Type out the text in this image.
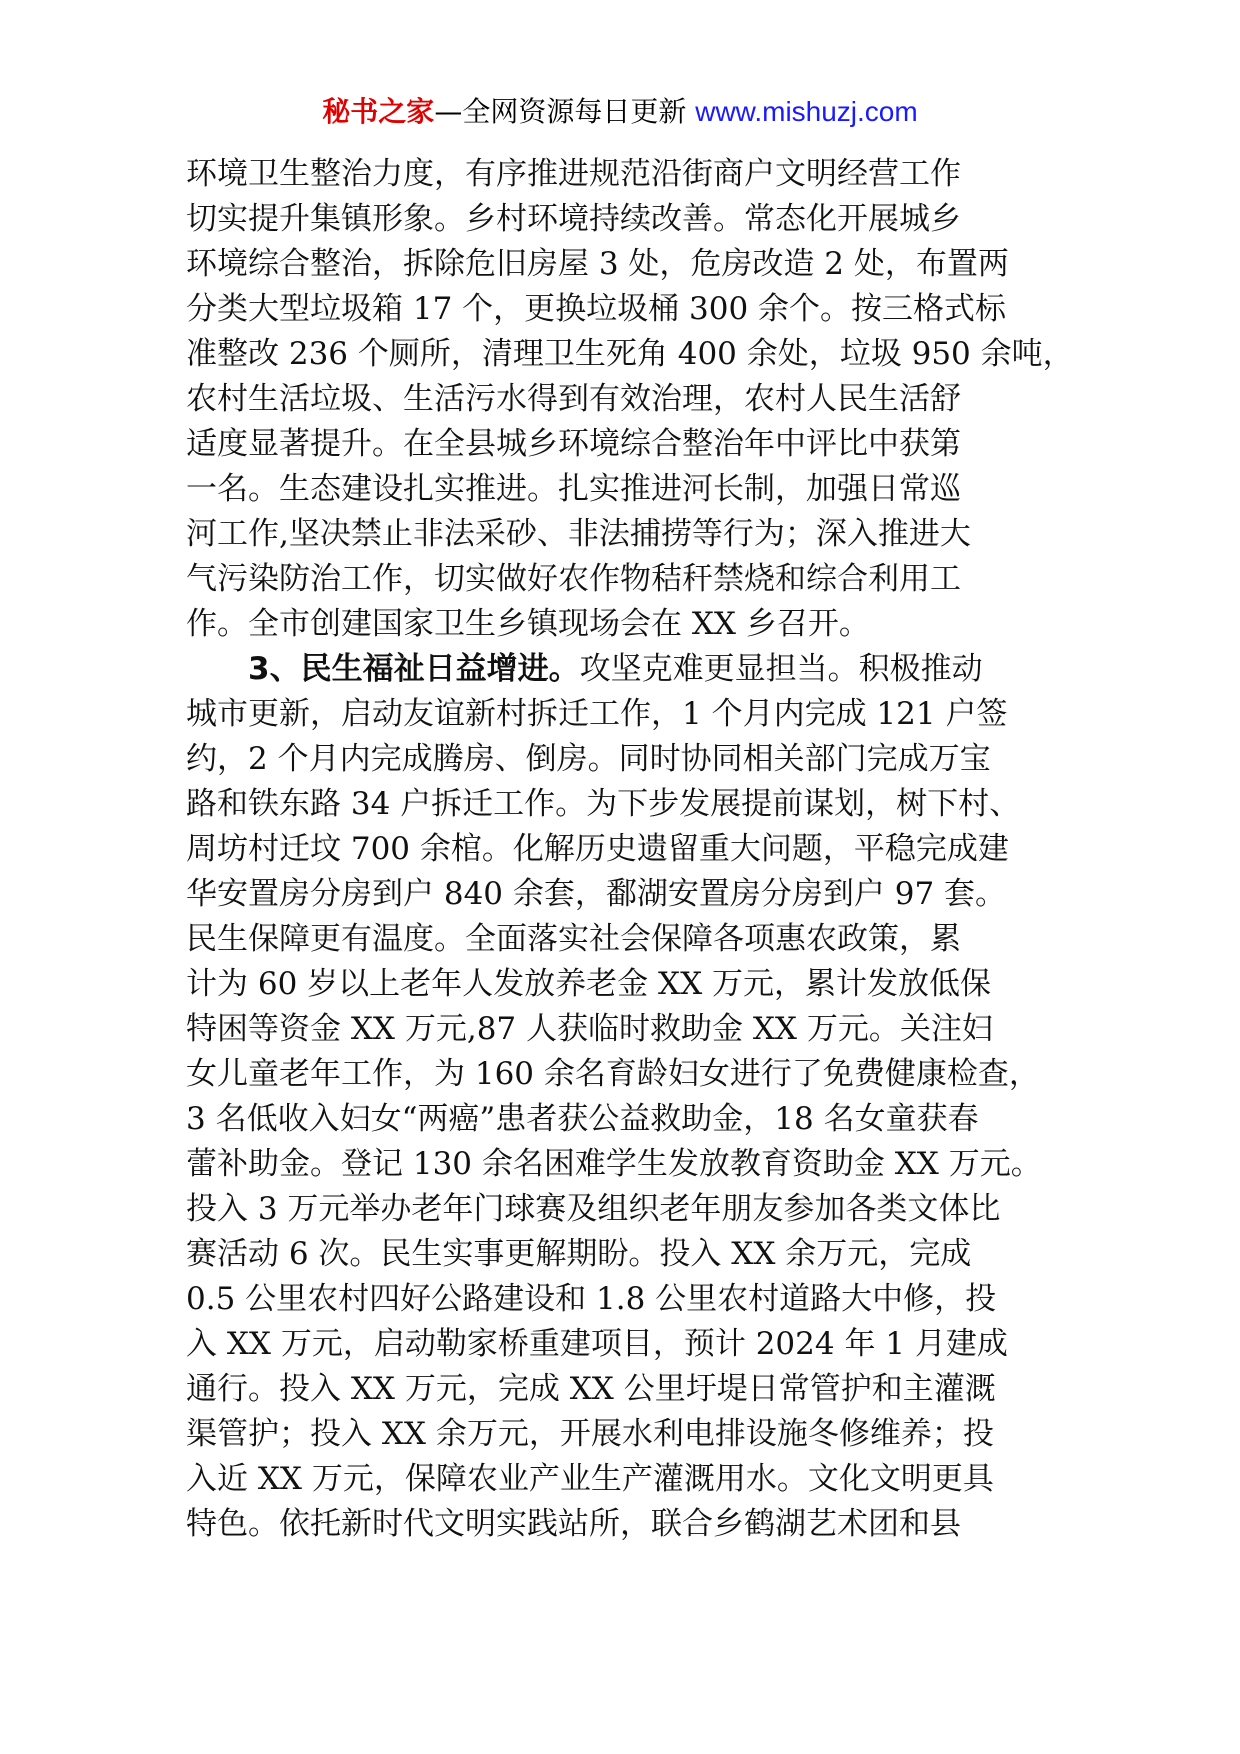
秘书之家—全网资源每日更新 www.mishuzj.com
环境卫生整治力度，有序推进规范沿街商户文明经营工作
切实提升集镇形象。乡村环境持续改善。常态化开展城乡
环境综合整治，拆除危旧房屋 3 处，危房改造 2 处，布置两
分类大型垃圾箱 17 个，更换垃圾桶 300 余个。按三格式标
准整改 236 个厕所，清理卫生死角 400 余处，垃圾 950 余吨，
农村生活垃圾、生活污水得到有效治理，农村人民生活舒
适度显著提升。在全县城乡环境综合整治年中评比中获第
一名。生态建设扎实推进。扎实推进河长制，加强日常巡
河工作,坚决禁止非法采砂、非法捕捞等行为；深入推进大
气污染防治工作，切实做好农作物秸秆禁烧和综合利用工
作。全市创建国家卫生乡镇现场会在 XX 乡召开。
3、民生福祉日益增进。攻坚克难更显担当。积极推动
城市更新，启动友谊新村拆迁工作，1 个月内完成 121 户签
约，2 个月内完成腾房、倒房。同时协同相关部门完成万宝
路和铁东路 34 户拆迁工作。为下步发展提前谋划，树下村、
周坊村迁坟 700 余棺。化解历史遗留重大问题，平稳完成建
华安置房分房到户 840 余套，鄱湖安置房分房到户 97 套。
民生保障更有温度。全面落实社会保障各项惠农政策，累
计为 60 岁以上老年人发放养老金 XX 万元，累计发放低保
特困等资金 XX 万元,87 人获临时救助金 XX 万元。关注妇
女儿童老年工作，为 160 余名育龄妇女进行了免费健康检查，
3 名低收入妇女“两癌”患者获公益救助金，18 名女童获春
蕾补助金。登记 130 余名困难学生发放教育资助金 XX 万元。
投入 3 万元举办老年门球赛及组织老年朋友参加各类文体比
赛活动 6 次。民生实事更解期盼。投入 XX 余万元，完成
0.5 公里农村四好公路建设和 1.8 公里农村道路大中修，投
入 XX 万元，启动勒家桥重建项目，预计 2024 年 1 月建成
通行。投入 XX 万元，完成 XX 公里圩堤日常管护和主灌溉
渠管护；投入 XX 余万元，开展水利电排设施冬修维养；投
入近 XX 万元，保障农业产业生产灌溉用水。文化文明更具
特色。依托新时代文明实践站所，联合乡鹤湖艺术团和县
